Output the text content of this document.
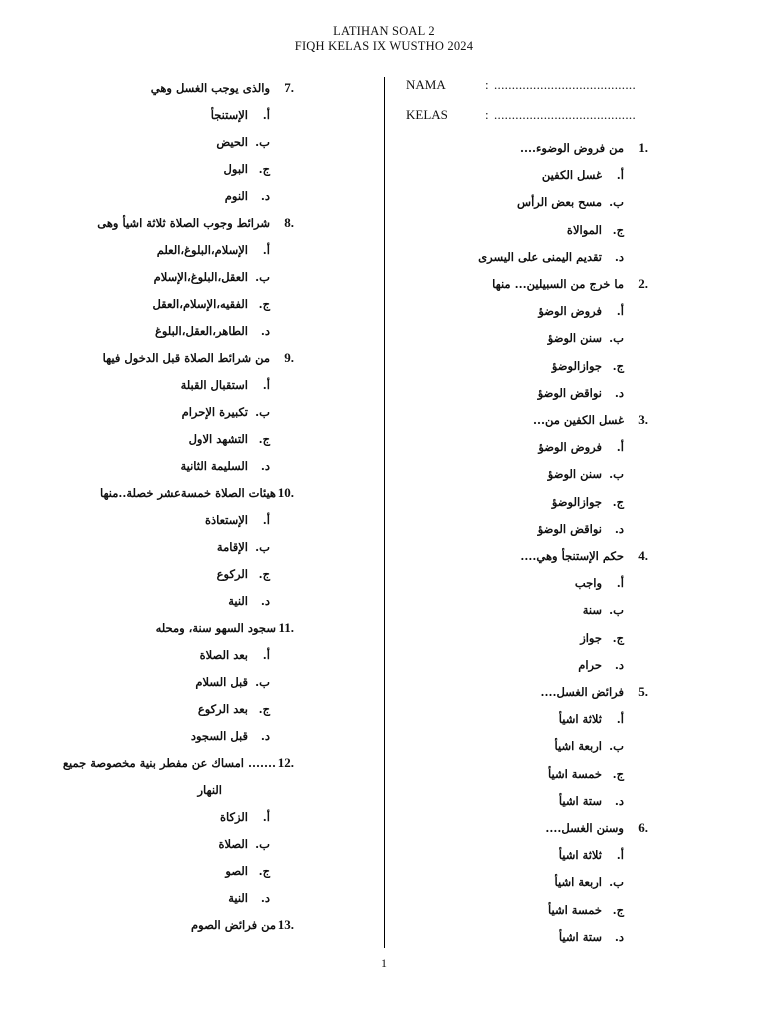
LATIHAN SOAL 2
FIQH KELAS IX WUSTHO 2024
NAMA	: ........................................
KELAS	: ........................................
1.من فروض الوضوء....
أ.غسل الكفين
ب.مسح بعض الرأس
ج.الموالاة
د.تقديم اليمنى على اليسرى
2.ما خرج من السبيلين... منها
أ.فروض الوضؤ
ب.سنن الوضؤ
ج.جوازالوضؤ
د.نواقض الوضؤ
3.غسل الكفين من...
أ.فروض الوضؤ
ب.سنن الوضؤ
ج.جوازالوضؤ
د.نواقض الوضؤ
4.حكم الإستنجأ وهي....
أ.واجب
ب.سنة
ج.جواز
د.حرام
5.فرائض الغسل....
أ.ثلاثة اشيأ
ب.اربعة اشيأ
ج.خمسة اشيأ
د.ستة اشيأ
6.وسنن الغسل....
أ.ثلاثة اشيأ
ب.اربعة اشيأ
ج.خمسة اشيأ
د.ستة اشيأ
7.والذى يوجب الغسل وهي
أ.الإستنجأ
ب.الحيض
ج.البول
د.النوم
8.شرائط وجوب الصلاة ثلاثة اشيأ وهى
أ.الإسلام،البلوغ،العلم
ب.العقل،البلوغ،الإسلام
ج.الفقيه،الإسلام،العقل
د.الطاهر،العقل،البلوغ
9.من شرائط الصلاة قبل الدخول فيها
أ.استقبال القبلة
ب.تكبيرة الإحرام
ج.التشهد الاول
د.السليمة الثانية
10.هيئات الصلاة خمسةعشر خصلة..منها
أ.الإستعاذة
ب.الإقامة
ج.الركوع
د.النية
11.سجود السهو سنة، ومحله
أ.بعد الصلاة
ب.قبل السلام
ج.بعد الركوع
د.قبل السجود
12........ امساك عن مفطر بنية مخصوصة جميع
النهار
أ.الزكاة
ب.الصلاة
ج.الصو
د.النية
13.من فرائض الصوم
1
